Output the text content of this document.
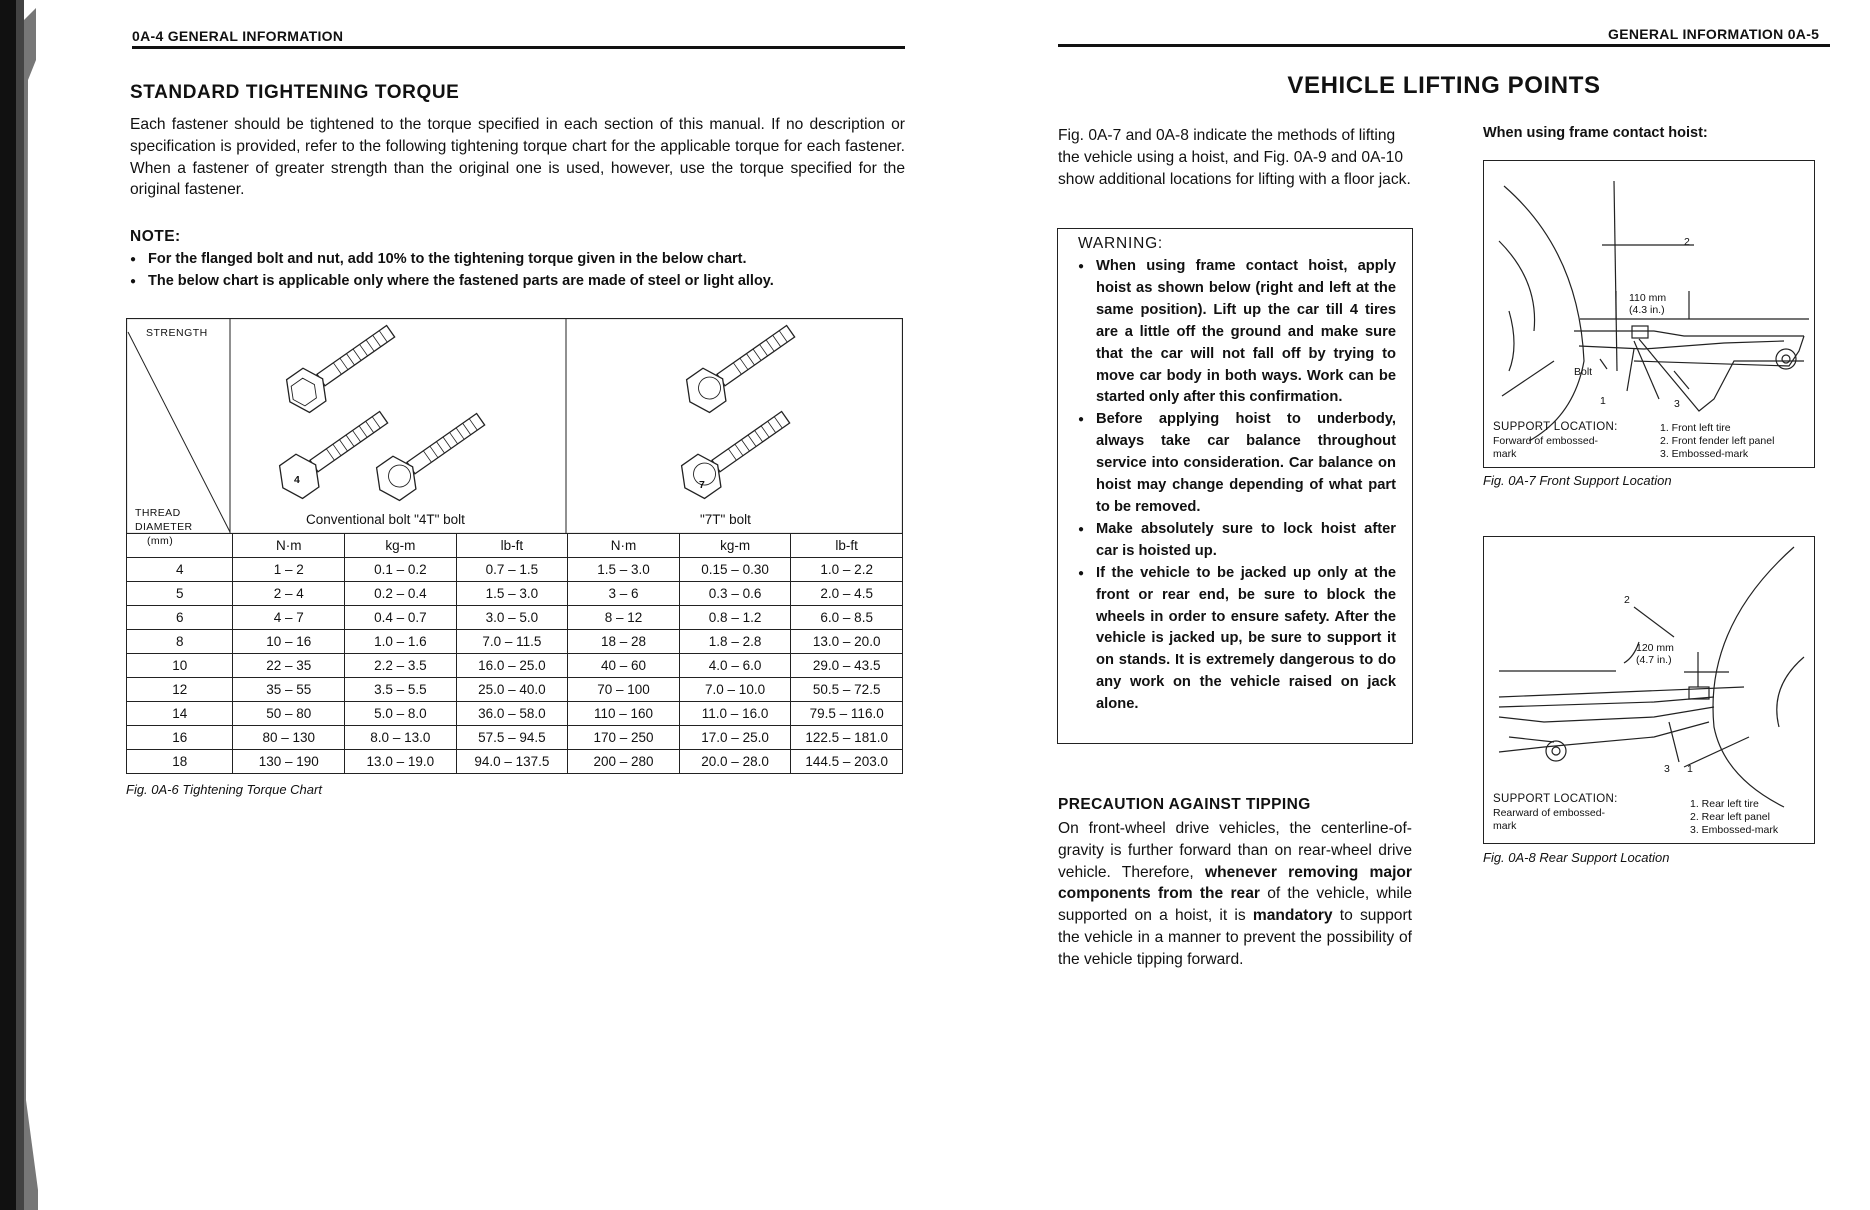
0A-4 GENERAL INFORMATION
STANDARD TIGHTENING TORQUE

Each fastener should be tightened to the torque specified in each section of this manual. If no description or specification is provided, refer to the following tightening torque chart for the applicable torque for each fastener. When a fastener of greater strength than the original one is used, however, use the torque specified for the original fastener.

NOTE:
● For the flanged bolt and nut, add 10% to the tightening torque given in the below chart.
● The below chart is applicable only where the fastened parts are made of steel or light alloy.
STRENGTH
4	7
THREAD
DIAMETER
(mm)
Conventional bolt "4T" bolt	"7T" bolt
	N·m	kg-m	lb-ft	N·m	kg-m	lb-ft
4	1 – 2	0.1 – 0.2	0.7 – 1.5	1.5 – 3.0	0.15 – 0.30	1.0 – 2.2
5	2 – 4	0.2 – 0.4	1.5 – 3.0	3 – 6	0.3 – 0.6	2.0 – 4.5
6	4 – 7	0.4 – 0.7	3.0 – 5.0	8 – 12	0.8 – 1.2	6.0 – 8.5
8	10 – 16	1.0 – 1.6	7.0 – 11.5	18 – 28	1.8 – 2.8	13.0 – 20.0
10	22 – 35	2.2 – 3.5	16.0 – 25.0	40 – 60	4.0 – 6.0	29.0 – 43.5
12	35 – 55	3.5 – 5.5	25.0 – 40.0	70 – 100	7.0 – 10.0	50.5 – 72.5
14	50 – 80	5.0 – 8.0	36.0 – 58.0	110 – 160	11.0 – 16.0	79.5 – 116.0
16	80 – 130	8.0 – 13.0	57.5 – 94.5	170 – 250	17.0 – 25.0	122.5 – 181.0
18	130 – 190	13.0 – 19.0	94.0 – 137.5	200 – 280	20.0 – 28.0	144.5 – 203.0
Fig. 0A-6 Tightening Torque Chart
GENERAL INFORMATION 0A-5
VEHICLE LIFTING POINTS

Fig. 0A-7 and 0A-8 indicate the methods of lifting the vehicle using a hoist, and Fig. 0A-9 and 0A-10 show additional locations for lifting with a floor jack.

WARNING:
● When using frame contact hoist, apply hoist as shown below (right and left at the same position). Lift up the car till 4 tires are a little off the ground and make sure that the car will not fall off by trying to move car body in both ways. Work can be started only after this confirmation.
● Before applying hoist to underbody, always take car balance throughout service into consideration. Car balance on hoist may change depending of what part to be removed.
● Make absolutely sure to lock hoist after car is hoisted up.
● If the vehicle to be jacked up only at the front or rear end, be sure to block the wheels in order to ensure safety. After the vehicle is jacked up, be sure to support it on stands. It is extremely dangerous to do any work on the vehicle raised on jack alone.
PRECAUTION AGAINST TIPPING

On front-wheel drive vehicles, the centerline-of-gravity is further forward than on rear-wheel drive vehicle. Therefore, whenever removing major components from the rear of the vehicle, while supported on a hoist, it is mandatory to support the vehicle in a manner to prevent the possibility of the vehicle tipping forward.

When using frame contact hoist:
2
110 mm
(4.3 in.)
Bolt
1	3
SUPPORT LOCATION:
Forward of embossed-
mark
1. Front left tire
2. Front fender left panel
3. Embossed-mark
Fig. 0A-7 Front Support Location
2
120 mm
(4.7 in.)
3 1
SUPPORT LOCATION:
Rearward of embossed-
mark
1. Rear left tire
2. Rear left panel
3. Embossed-mark
Fig. 0A-8 Rear Support Location
